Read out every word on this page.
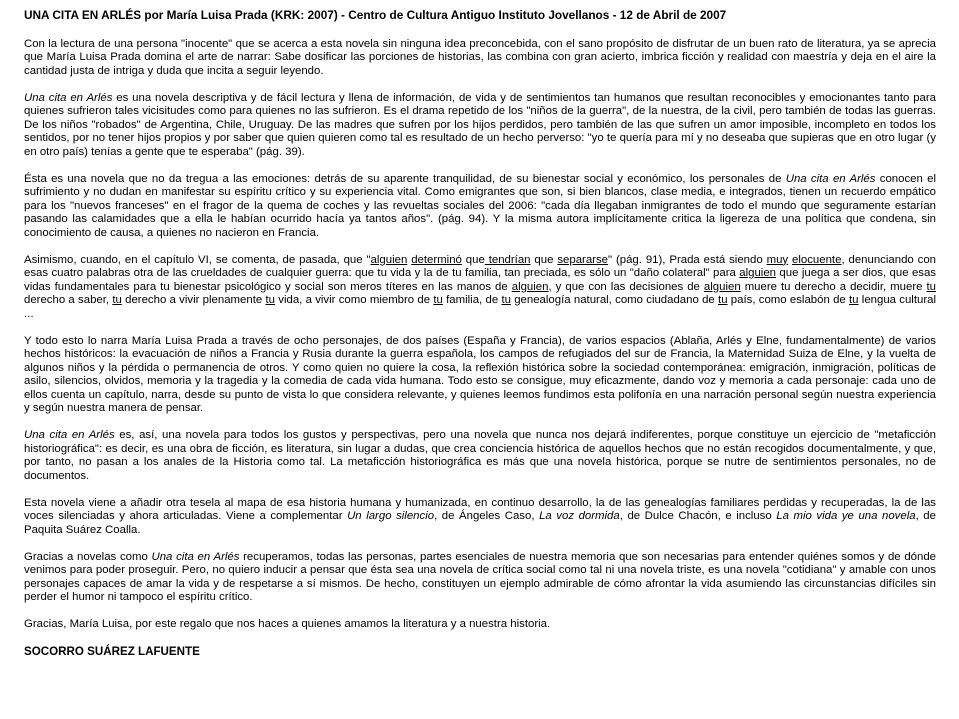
UNA CITA EN ARLÉS por María Luisa Prada (KRK: 2007) - Centro de Cultura Antiguo Instituto Jovellanos - 12 de Abril de 2007

Con la lectura de una persona "inocente" que se acerca a esta novela sin ninguna idea preconcebida, con el sano propósito de disfrutar de un buen rato de literatura, ya se aprecia que María Luisa Prada domina el arte de narrar: Sabe dosificar las porciones de historias, las combina con gran acierto, imbrica ficción y realidad con maestría y deja en el aire la cantidad justa de intriga y duda que incita a seguir leyendo.

Una cita en Arlés es una novela descriptiva y de fácil lectura y llena de información, de vida y de sentimientos tan humanos que resultan reconocibles y emocionantes tanto para quienes sufrieron tales vicisitudes como para quienes no las sufrieron. Es el drama repetido de los "niños de la guerra", de la nuestra, de la civil, pero también de todas las guerras. De los niños "robados" de Argentina, Chile, Uruguay. De las madres que sufren por los hijos perdidos, pero también de las que sufren un amor imposible, incompleto en todos los sentidos, por no tener hijos propios y por saber que quien quieren como tal es resultado de un hecho perverso: "yo te quería para mí y no deseaba que supieras que en otro lugar (y en otro país) tenías a gente que te esperaba" (pág. 39).

Ésta es una novela que no da tregua a las emociones: detrás de su aparente tranquilidad, de su bienestar social y económico, los personales de Una cita en Arlés conocen el sufrimiento y no dudan en manifestar su espíritu crítico y su experiencia vital. Como emigrantes que son, si bien blancos, clase media, e integrados, tienen un recuerdo empático para los "nuevos franceses" en el fragor de la quema de coches y las revueltas sociales del 2006: "cada día llegaban inmigrantes de todo el mundo que seguramente estarían pasando las calamidades que a ella le habían ocurrido hacía ya tantos años". (pág. 94). Y la misma autora implícitamente critica la ligereza de una política que condena, sin conocimiento de causa, a quienes no nacieron en Francia.

Asimismo, cuando, en el capítulo VI, se comenta, de pasada, que "alguien determinó que tendrían que separarse" (pág. 91), Prada está siendo muy elocuente, denunciando con esas cuatro palabras otra de las crueldades de cualquier guerra: que tu vida y la de tu familia, tan preciada, es sólo un "daño colateral" para alguien que juega a ser dios, que esas vidas fundamentales para tu bienestar psicológico y social son meros títeres en las manos de alguien, y que con las decisiones de alguien muere tu derecho a decidir, muere tu derecho a saber, tu derecho a vivir plenamente tu vida, a vivir como miembro de tu familia, de tu genealogía natural, como ciudadano de tu país, como eslabón de tu lengua cultural ...

Y todo esto lo narra María Luisa Prada a través de ocho personajes, de dos países (España y Francia), de varios espacios (Ablaña, Arlés y Elne, fundamentalmente) de varios hechos históricos: la evacuación de niños a Francia y Rusia durante la guerra española, los campos de refugiados del sur de Francia, la Maternidad Suiza de Elne, y la vuelta de algunos niños y la pérdida o permanencia de otros. Y como quien no quiere la cosa, la reflexión histórica sobre la sociedad contemporánea: emigración, inmigración, políticas de asilo, silencios, olvidos, memoria y la tragedia y la comedia de cada vida humana. Todo esto se consigue, muy eficazmente, dando voz y memoria a cada personaje: cada uno de ellos cuenta un capítulo, narra, desde su punto de vista lo que considera relevante, y quienes leemos fundimos esta polifonía en una narración personal según nuestra experiencia y según nuestra manera de pensar.

Una cita en Arlés es, así, una novela para todos los gustos y perspectivas, pero una novela que nunca nos dejará indiferentes, porque constituye un ejercicio de "metaficción historiográfica": es decir, es una obra de ficción, es literatura, sin lugar a dudas, que crea conciencia histórica de aquellos hechos que no están recogidos documentalmente, y que, por tanto, no pasan a los anales de la Historia como tal. La metaficción historiográfica es más que una novela histórica, porque se nutre de sentimientos personales, no de documentos.

Esta novela viene a añadir otra tesela al mapa de esa historia humana y humanizada, en continuo desarrollo, la de las genealogías familiares perdidas y recuperadas, la de las voces silenciadas y ahora articuladas. Viene a complementar Un largo silencio, de Ángeles Caso, La voz dormida, de Dulce Chacón, e incluso La mio vida ye una novela, de Paquita Suárez Coalla.

Gracias a novelas como Una cita en Arlés recuperamos, todas las personas, partes esenciales de nuestra memoria que son necesarias para entender quiénes somos y de dónde venimos para poder proseguir. Pero, no quiero inducir a pensar que ésta sea una novela de crítica social como tal ni una novela triste, es una novela "cotidiana" y amable con unos personajes capaces de amar la vida y de respetarse a sí mismos. De hecho, constituyen un ejemplo admirable de cómo afrontar la vida asumiendo las circunstancias difíciles sin perder el humor ni tampoco el espíritu crítico.

Gracias, María Luisa, por este regalo que nos haces a quienes amamos la literatura y a nuestra historia.

SOCORRO SUÁREZ LAFUENTE
